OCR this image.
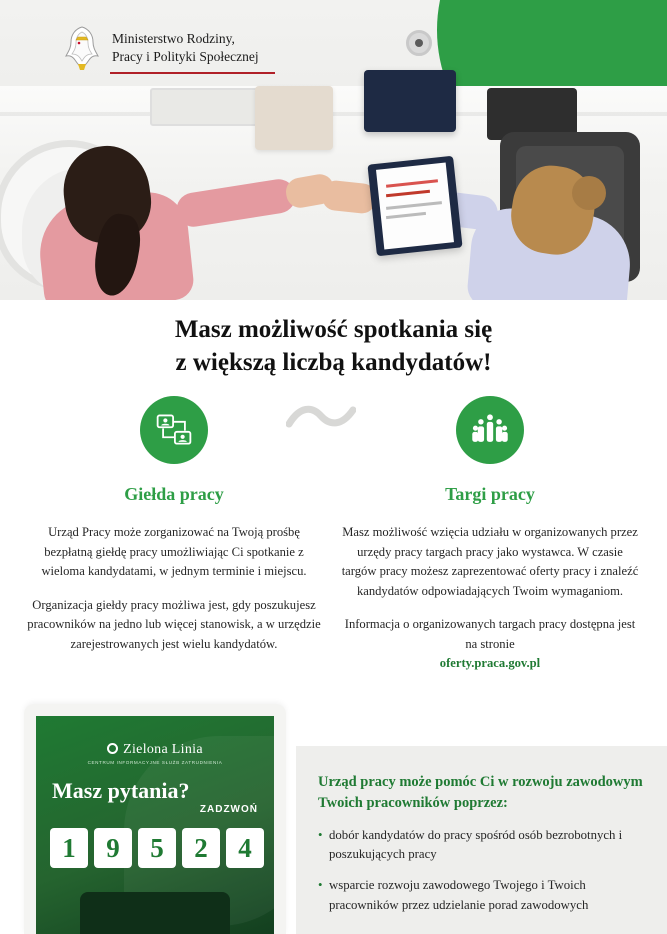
Ministerstwo Rodziny,
Pracy i Polityki Społecznej
Masz możliwość spotkania się
z większą liczbą kandydatów!
Giełda pracy

Urząd Pracy może zorganizować na Twoją prośbę bezpłatną giełdę pracy umożliwiając Ci spotkanie z wieloma kandydatami, w jednym terminie i miejscu.

Organizacja giełdy pracy możliwa jest, gdy poszukujesz pracowników na jedno lub więcej stanowisk, a w urzędzie zarejestrowanych jest wielu kandydatów.

Targi pracy

Masz możliwość wzięcia udziału w organizowanych przez urzędy pracy targach pracy jako wystawca. W czasie targów pracy możesz zaprezentować oferty pracy i znaleźć kandydatów odpowiadających Twoim wymaganiom.

Informacja o organizowanych targach pracy dostępna jest na stronie
oferty.praca.gov.pl

Urząd pracy może pomóc Ci w rozwoju zawodowym Twoich pracowników poprzez:
• dobór kandydatów do pracy spośród osób bezrobotnych i poszukujących pracy
• wsparcie rozwoju zawodowego Twojego i Twoich pracowników przez udzielanie porad zawodowych
Zielona Linia
CENTRUM INFORMACYJNE SŁUŻB ZATRUDNIENIA
Masz pytania?
ZADZWOŃ
1	9	5	2	4
